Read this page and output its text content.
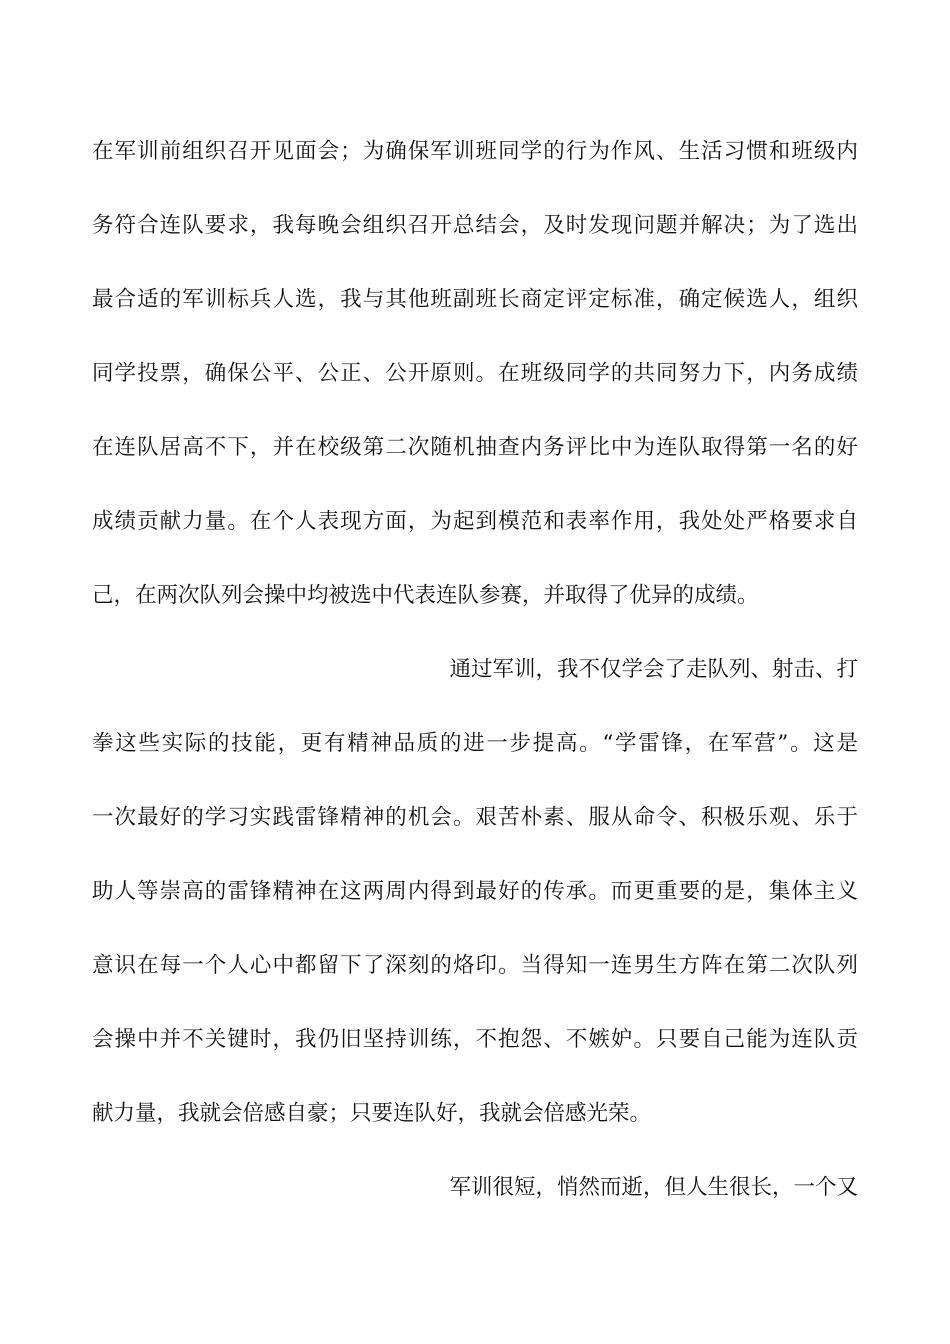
在军训前组织召开见面会；为确保军训班同学的行为作风、生活习惯和班级内
务符合连队要求，我每晚会组织召开总结会，及时发现问题并解决；为了选出
最合适的军训标兵人选，我与其他班副班长商定评定标准，确定候选人，组织
同学投票，确保公平、公正、公开原则。在班级同学的共同努力下，内务成绩
在连队居高不下，并在校级第二次随机抽查内务评比中为连队取得第一名的好
成绩贡献力量。在个人表现方面，为起到模范和表率作用，我处处严格要求自
己，在两次队列会操中均被选中代表连队参赛，并取得了优异的成绩。
通过军训，我不仅学会了走队列、射击、打
拳这些实际的技能，更有精神品质的进一步提高。“学雷锋，在军营”。这是
一次最好的学习实践雷锋精神的机会。艰苦朴素、服从命令、积极乐观、乐于
助人等崇高的雷锋精神在这两周内得到最好的传承。而更重要的是，集体主义
意识在每一个人心中都留下了深刻的烙印。当得知一连男生方阵在第二次队列
会操中并不关键时，我仍旧坚持训练，不抱怨、不嫉妒。只要自己能为连队贡
献力量，我就会倍感自豪；只要连队好，我就会倍感光荣。
军训很短，悄然而逝，但人生很长，一个又
